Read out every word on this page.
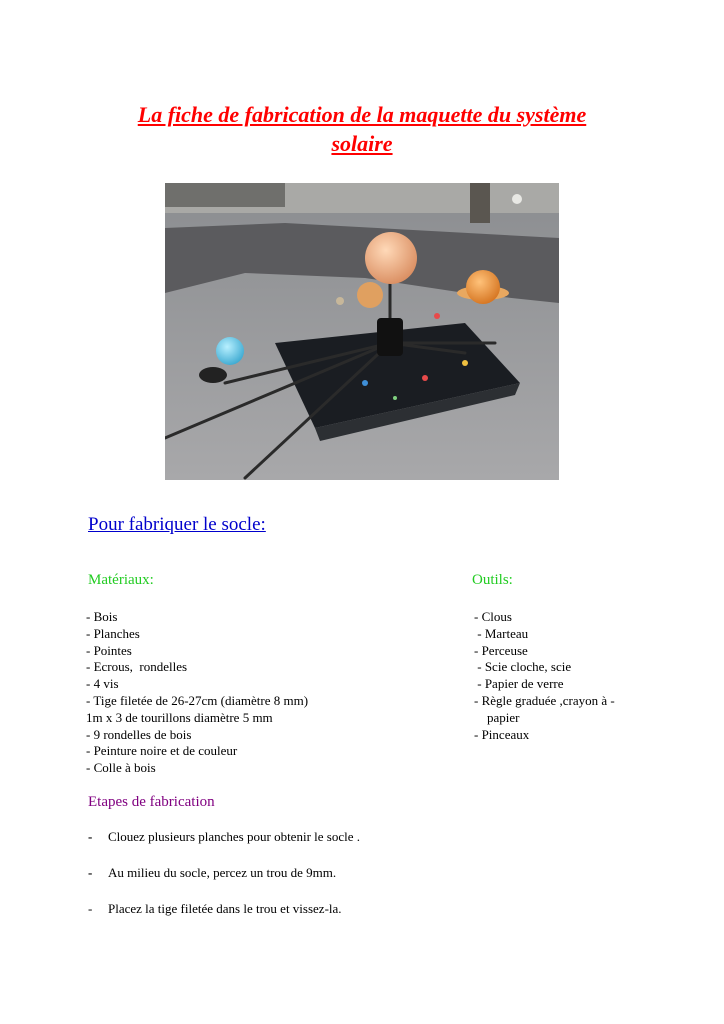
La fiche de fabrication de la maquette du système
solaire
Pour fabriquer le socle:
Matériaux:	Outils:
- Bois
- Planches
- Pointes
- Ecrous,  rondelles
- 4 vis
- Tige filetée de 26-27cm (diamètre 8 mm)
1m x 3 de tourillons diamètre 5 mm
- 9 rondelles de bois
- Peinture noire et de couleur
- Colle à bois
- Clous
- Marteau
- Perceuse
- Scie cloche, scie
- Papier de verre
- Règle graduée ,crayon à -
papier
- Pinceaux
Etapes de fabrication
- Clouez plusieurs planches pour obtenir le socle .
- Au milieu du socle, percez un trou de 9mm.
- Placez la tige filetée dans le trou et vissez-la.
